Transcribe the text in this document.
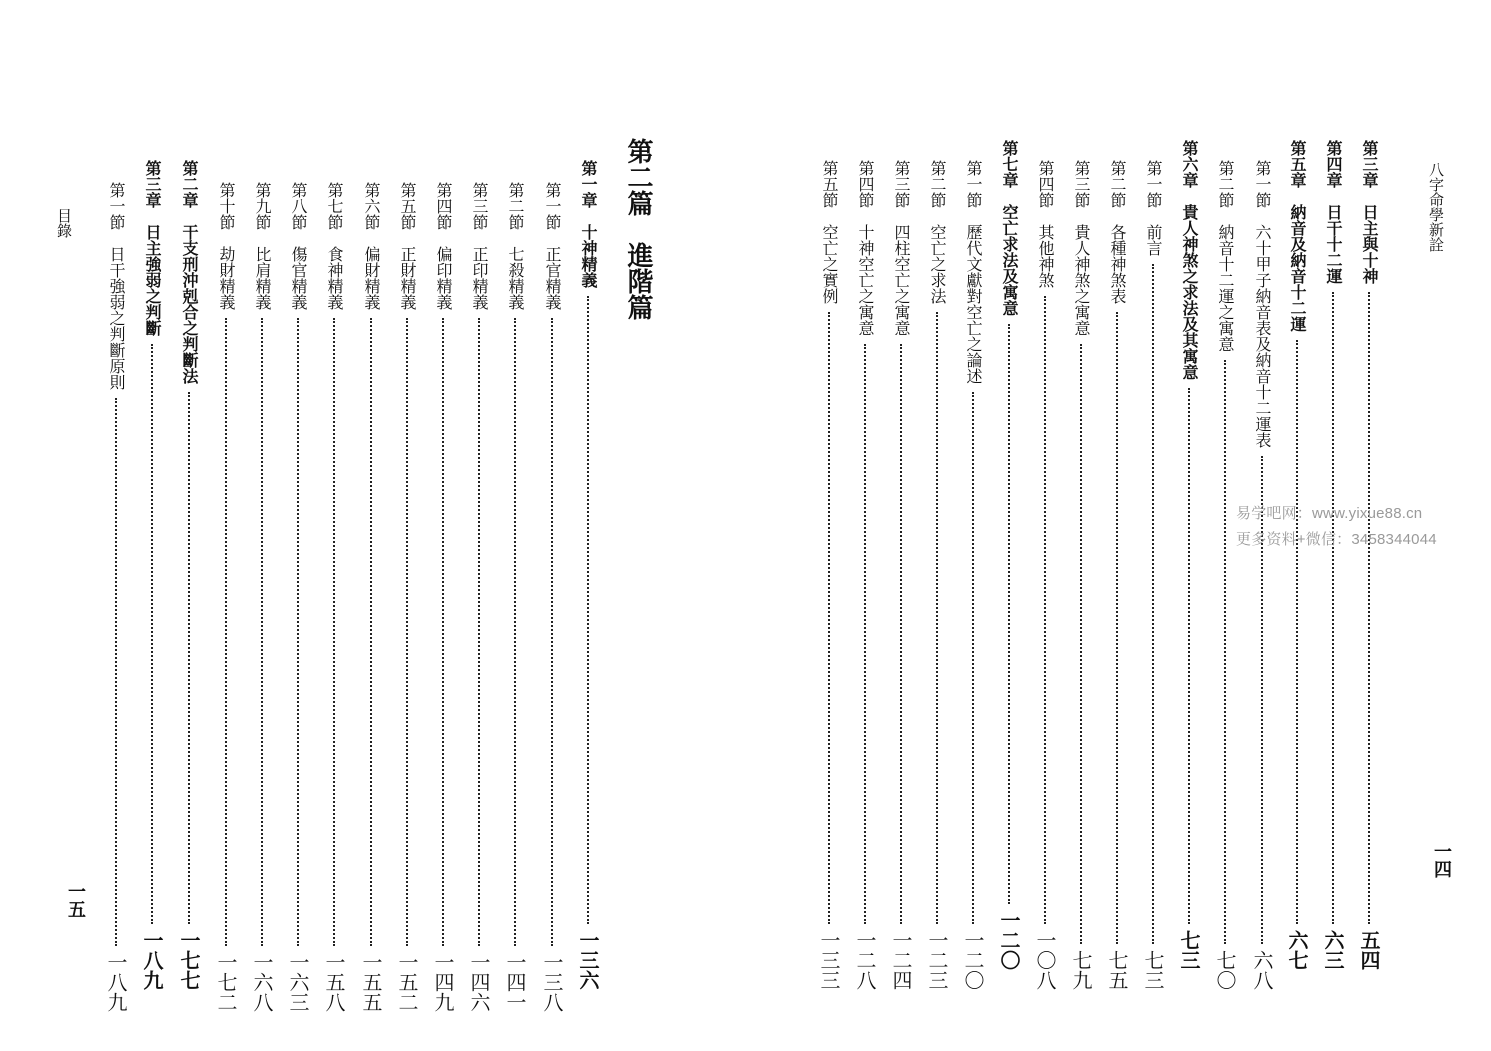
目錄
一五
第二篇　進階篇
第一章　十神精義
一三六
第一節　正官精義
一三八
第二節　七殺精義
一四一
第三節　正印精義
一四六
第四節　偏印精義
一四九
第五節　正財精義
一五二
第六節　偏財精義
一五五
第七節　食神精義
一五八
第八節　傷官精義
一六三
第九節　比肩精義
一六八
第十節　劫財精義
一七二
第二章　干支刑沖剋合之判斷法
一七七
第三章　日主強弱之判斷
一八九
第一節　日干強弱之判斷原則
一八九
八字命學新詮
一四
第三章　日主與十神
五四
第四章　日干十二運
六三
第五章　納音及納音十二運
六七
第一節　六十甲子納音表及納音十二運表
六八
第二節　納音十二運之寓意
七〇
第六章　貴人神煞之求法及其寓意
七三
第一節　前言
七三
第二節　各種神煞表
七五
第三節　貴人神煞之寓意
七九
第四節　其他神煞
一〇八
第七章　空亡求法及寓意
一二〇
第一節　歷代文獻對空亡之論述
一二〇
第二節　空亡之求法
一二三
第三節　四柱空亡之寓意
一二四
第四節　十神空亡之寓意
一二八
第五節　空亡之實例
一三三
易学吧网：www.yixue88.cn
更多资料+微信：3458344044
